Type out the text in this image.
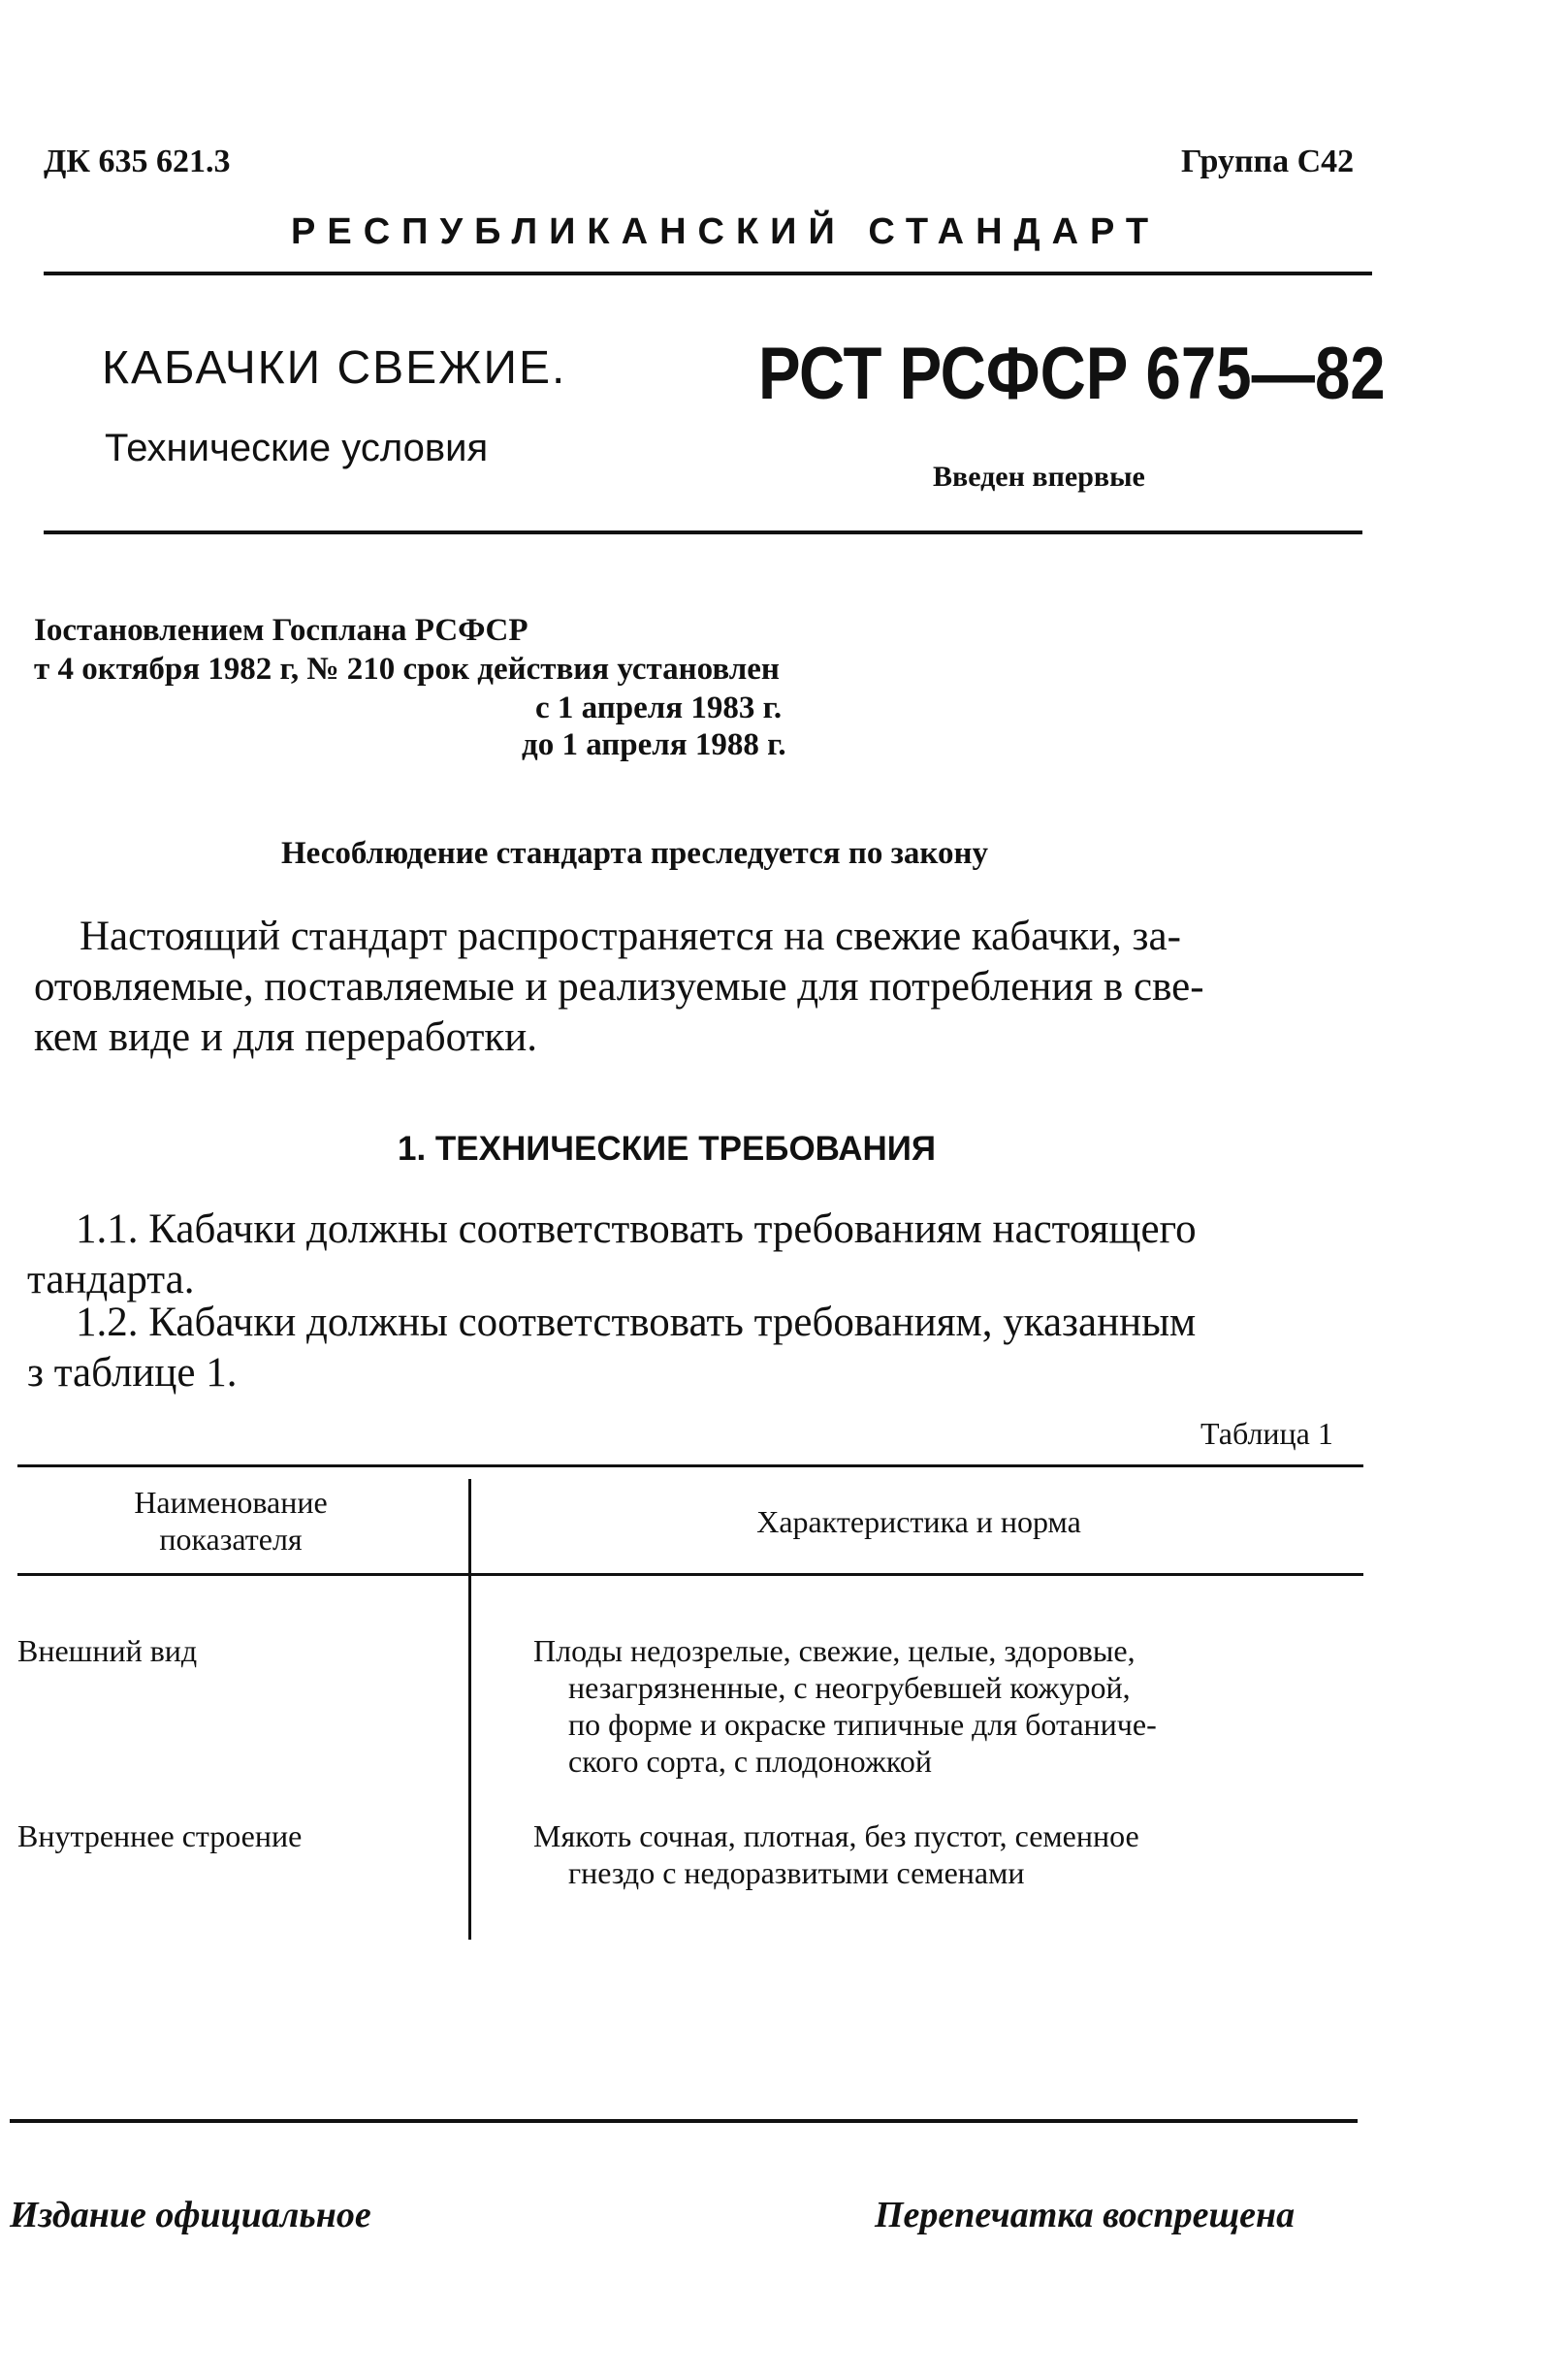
ДК 635 621.3	Группа С42
РЕСПУБЛИКАНСКИЙ СТАНДАРТ
КАБАЧКИ СВЕЖИЕ.
Технические условия
РСТ РСФСР 675—82
Введен впервые
Іостановлением Госплана РСФСР
т 4 октября 1982 г, № 210 срок действия установлен
с 1 апреля 1983 г.
до 1 апреля 1988 г.
Несоблюдение стандарта преследуется по закону

Настоящий стандарт распространяется на свежие кабачки, за-

отовляемые, поставляемые и реализуемые для потребления в све-

кем виде и для переработки.

1. ТЕХНИЧЕСКИЕ ТРЕБОВАНИЯ

1.1. Кабачки должны соответствовать требованиям настоящего

тандарта.

1.2. Кабачки должны соответствовать требованиям, указанным

з таблице 1.

Таблица 1
Наименование
показателя	Характеристика и норма
Внешний вид	Плоды недозрелые, свежие, целые, здоровые,
незагрязненные, с неогрубевшей кожурой,
по форме и окраске типичные для ботаниче-
ского сорта, с плодоножкой
Внутреннее строение	Мякоть сочная, плотная, без пустот, семенное
гнездо с недоразвитыми семенами
Издание официальное	Перепечатка воспрещена
